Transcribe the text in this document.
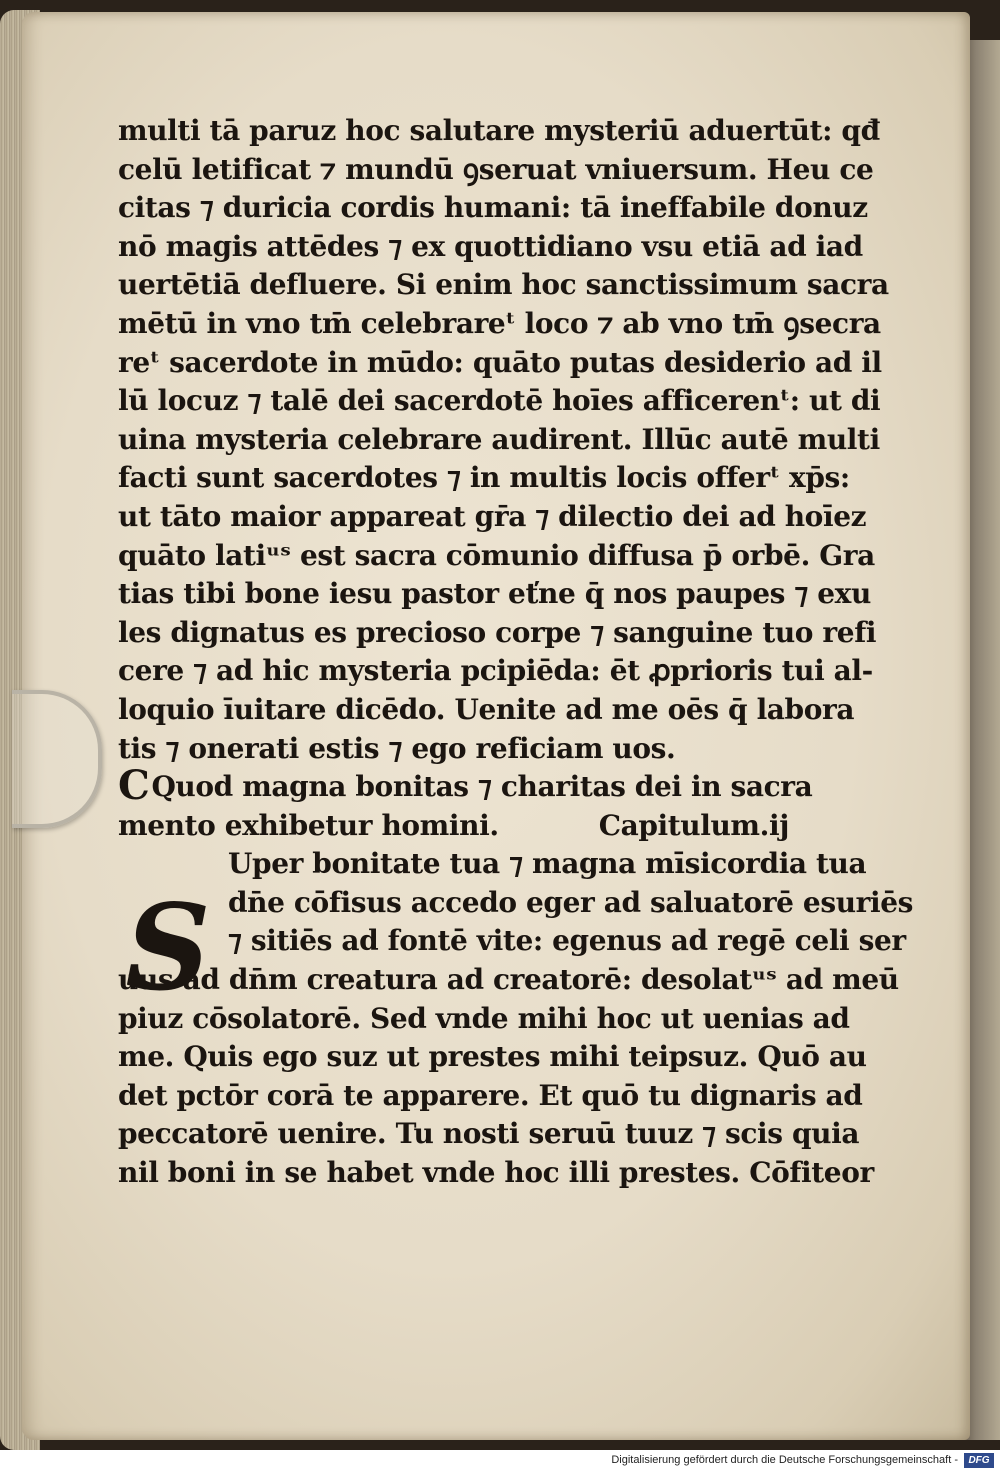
multi tā paruz hoc salutare mysteriū aduertūt: qđ
celū letificat ⁊ mundū ꝯseruat vniuersum. Heu ce
citas ⁊ duricia cordis humani: tā ineffabile donuz
nō magis attēdes ⁊ ex quottidiano vsu etiā ad iad
uertētiā defluere. Si enim hoc sanctissimum sacra
mētū in vno tm̄ celebrareᵗ loco ⁊ ab vno tm̄ ꝯsecra
reᵗ sacerdote in mūdo: quāto putas desiderio ad il
lū locuz ⁊ talē dei sacerdotē hoīes afficerenᵗ: ut di
uina mysteria celebrare audirent. Illūc autē multi
facti sunt sacerdotes ⁊ in multis locis offerᵗ xp̄s:
ut tāto maior appareat gr̄a ⁊ dilectio dei ad hoīez
quāto latiᵘˢ est sacra cōmunio diffusa p̄ orbē. Gra
tias tibi bone iesu pastor eťne q̄ nos paupes ⁊ exu
les dignatus es precioso corpe ⁊ sanguine tuo refi
cere ⁊ ad hic mysteria pcipiēda: ēt ꝓprioris tui al-
loquio īuitare dicēdo. Uenite ad me oēs q̄ labora
tis ⁊ onerati estis ⁊ ego reficiam uos.
CQuod magna bonitas ⁊ charitas dei in sacra
mento exhibetur homini.	Capitulum.ij
Uper bonitate tua ⁊ magna mīsicordia tua
dn̄e cōfisus accedo eger ad saluatorē esuriēs
⁊ sitiēs ad fontē vite: egenus ad regē celi ser
uus ad dn̄m creatura ad creatorē: desolatᵘˢ ad meū
piuz cōsolatorē. Sed vnde mihi hoc ut uenias ad
me. Quis ego suz ut prestes mihi teipsuz. Quō au
det pctōr corā te apparere. Et quō tu dignaris ad
peccatorē uenire. Tu nosti seruū tuuz ⁊ scis quia
nil boni in se habet vnde hoc illi prestes. Cōfiteor
S
Digitalisierung gefördert durch die Deutsche Forschungsgemeinschaft -	DFG
